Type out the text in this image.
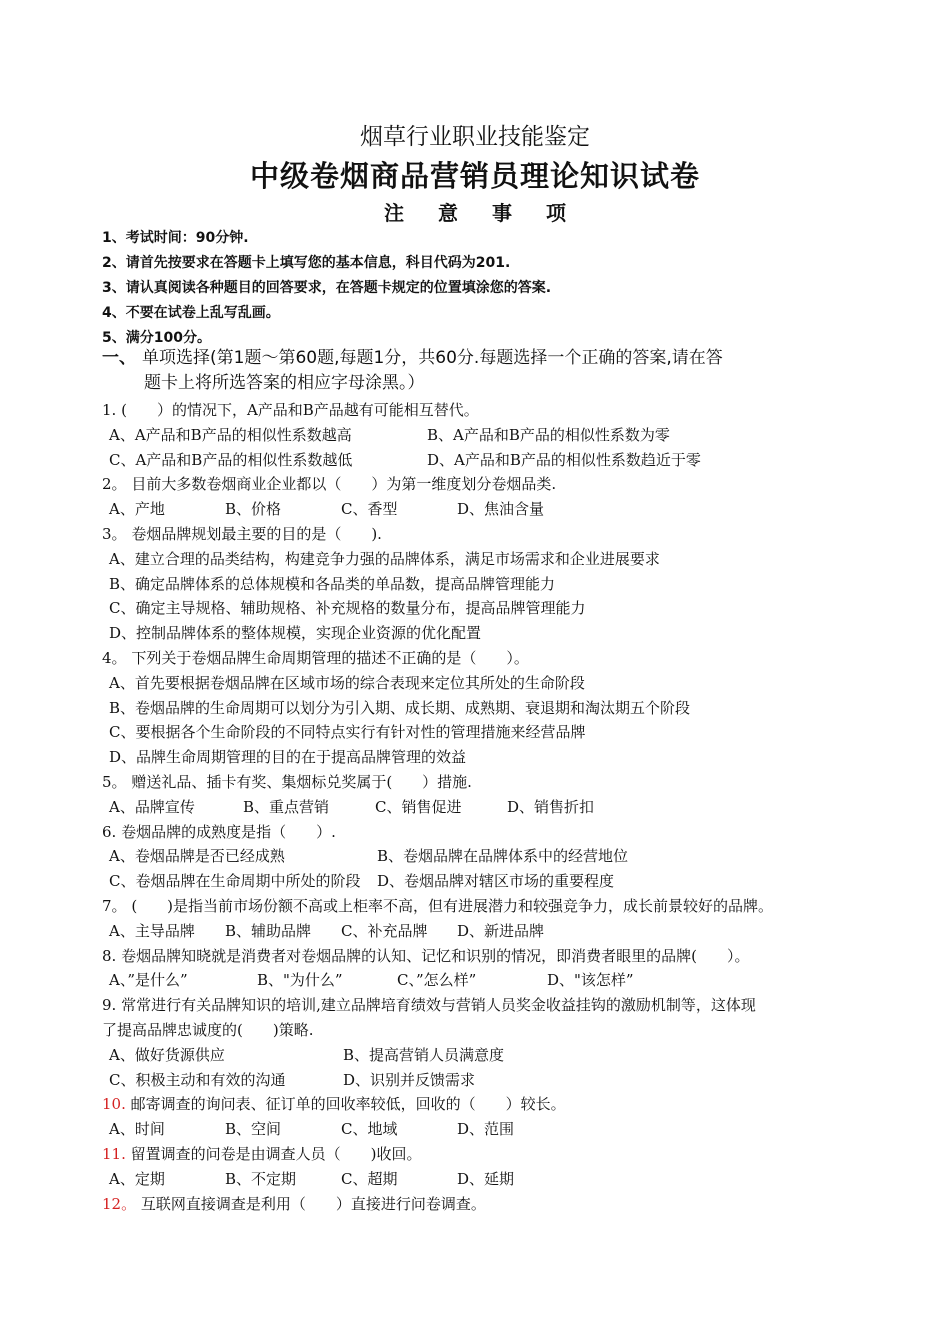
烟草行业职业技能鉴定
中级卷烟商品营销员理论知识试卷
注意事项
1、考试时间：90分钟.
2、请首先按要求在答题卡上填写您的基本信息，科目代码为201.
3、请认真阅读各种题目的回答要求，在答题卡规定的位置填涂您的答案.
4、不要在试卷上乱写乱画。
5、满分100分。
一、 单项选择(第1题～第60题,每题1分，共60分.每题选择一个正确的答案,请在答
题卡上将所选答案的相应字母涂黑。）
1. (　　）的情况下，A产品和B产品越有可能相互替代。
A、A产品和B产品的相似性系数越高	B、A产品和B产品的相似性系数为零
C、A产品和B产品的相似性系数越低	D、A产品和B产品的相似性系数趋近于零
2。 目前大多数卷烟商业企业都以（　　）为第一维度划分卷烟品类.
A、产地	B、价格	C、香型	D、焦油含量
3。 卷烟品牌规划最主要的目的是（　　).
A、建立合理的品类结构，构建竞争力强的品牌体系，满足市场需求和企业进展要求
B、确定品牌体系的总体规模和各品类的单品数，提高品牌管理能力
C、确定主导规格、辅助规格、补充规格的数量分布，提高品牌管理能力
D、控制品牌体系的整体规模，实现企业资源的优化配置
4。 下列关于卷烟品牌生命周期管理的描述不正确的是（　　）。
A、首先要根据卷烟品牌在区域市场的综合表现来定位其所处的生命阶段
B、卷烟品牌的生命周期可以划分为引入期、成长期、成熟期、衰退期和淘汰期五个阶段
C、要根据各个生命阶段的不同特点实行有针对性的管理措施来经营品牌
D、品牌生命周期管理的目的在于提高品牌管理的效益
5。 赠送礼品、插卡有奖、集烟标兑奖属于(　　）措施.
A、品牌宣传	B、重点营销	C、销售促进	D、销售折扣
6. 卷烟品牌的成熟度是指（　　）.
A、卷烟品牌是否已经成熟	B、卷烟品牌在品牌体系中的经营地位
C、卷烟品牌在生命周期中所处的阶段	D、卷烟品牌对辖区市场的重要程度
7。 (　　)是指当前市场份额不高或上柜率不高，但有进展潜力和较强竞争力，成长前景较好的品牌。
A、主导品牌	B、辅助品牌	C、补充品牌	D、新进品牌
8. 卷烟品牌知晓就是消费者对卷烟品牌的认知、记忆和识别的情况，即消费者眼里的品牌(　　）。
A、”是什么”	B、"为什么”	C、”怎么样”	D、"该怎样”
9. 常常进行有关品牌知识的培训,建立品牌培育绩效与营销人员奖金收益挂钩的激励机制等，这体现
了提高品牌忠诚度的(　　)策略.
A、做好货源供应	B、提高营销人员满意度
C、积极主动和有效的沟通	D、识别并反馈需求
10. 邮寄调查的询问表、征订单的回收率较低，回收的（　　）较长。
A、时间	B、空间	C、地域	D、范围
11. 留置调查的问卷是由调查人员（　　)收回。
A、定期	B、不定期	C、超期	D、延期
12。 互联网直接调查是利用（　　）直接进行问卷调查。
